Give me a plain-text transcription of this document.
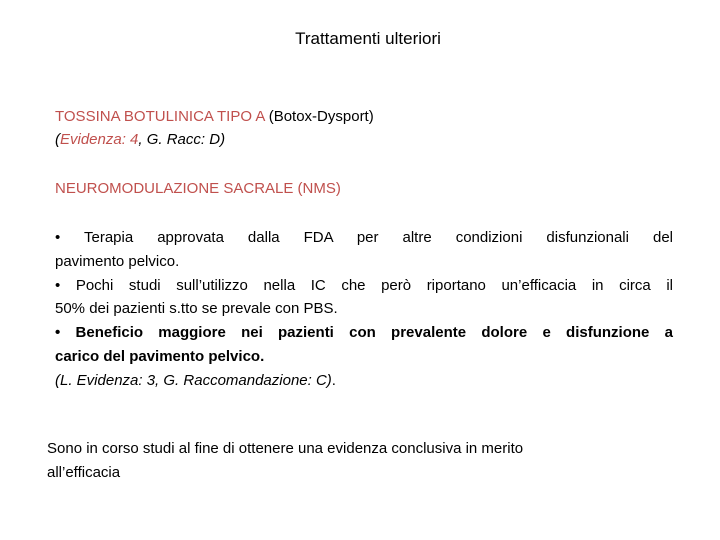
Trattamenti ulteriori
TOSSINA BOTULINICA TIPO A (Botox-Dysport)
(Evidenza: 4, G. Racc: D)
NEUROMODULAZIONE SACRALE (NMS)
• Terapia approvata dalla FDA per altre condizioni disfunzionali del
pavimento pelvico.
• Pochi studi sull’utilizzo nella IC che però riportano un’efficacia in circa il
50% dei pazienti s.tto se prevale con PBS.
• Beneficio maggiore nei pazienti con prevalente dolore e disfunzione a
carico del pavimento pelvico.
(L. Evidenza: 3, G. Raccomandazione: C).
Sono in corso studi al fine di ottenere una evidenza conclusiva in merito
all’efficacia
